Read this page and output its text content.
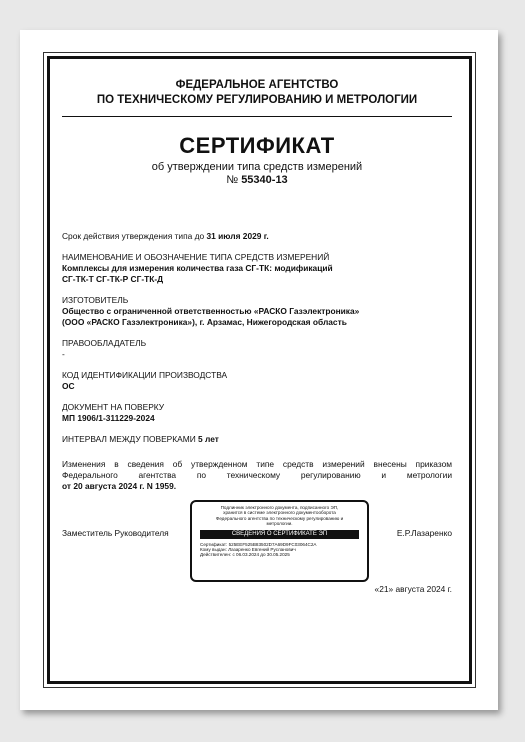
ФЕДЕРАЛЬНОЕ АГЕНТСТВО
ПО ТЕХНИЧЕСКОМУ РЕГУЛИРОВАНИЮ И МЕТРОЛОГИИ
СЕРТИФИКАТ
об утверждении типа средств измерений
№ 55340-13
Срок действия утверждения типа до 31 июля 2029 г.
НАИМЕНОВАНИЕ И ОБОЗНАЧЕНИЕ ТИПА СРЕДСТВ ИЗМЕРЕНИЙ
Комплексы для измерения количества газа СГ-ТК: модификаций
СГ-ТК-Т СГ-ТК-Р СГ-ТК-Д
ИЗГОТОВИТЕЛЬ
Общество с ограниченной ответственностью «РАСКО Газэлектроника»
(ООО «РАСКО Газэлектроника»), г. Арзамас, Нижегородская область
ПРАВООБЛАДАТЕЛЬ
-
КОД ИДЕНТИФИКАЦИИ ПРОИЗВОДСТВА
ОС
ДОКУМЕНТ НА ПОВЕРКУ
МП 1906/1-311229-2024
ИНТЕРВАЛ МЕЖДУ ПОВЕРКАМИ 5 лет
Изменения в сведения об утвержденном типе средств измерений внесены приказом
Федерального агентства по техническому регулированию и метрологии
от 20 августа 2024 г. N 1959.
Заместитель Руководителя
Подлинник электронного документа, подписанного ЭП,
хранится в системе электронного документооборота
Федерального агентства по техническому регулированию и
метрологии.
СВЕДЕНИЯ О СЕРТИФИКАТЕ ЭП
Сертификат: 525EEF525B83502D7A69D9FC03064C2A
Кому выдан: Лазаренко Евгений Русланович
Действителен: с 06.03.2024 до 30.05.2025
Е.Р.Лазаренко
«21» августа 2024 г.
